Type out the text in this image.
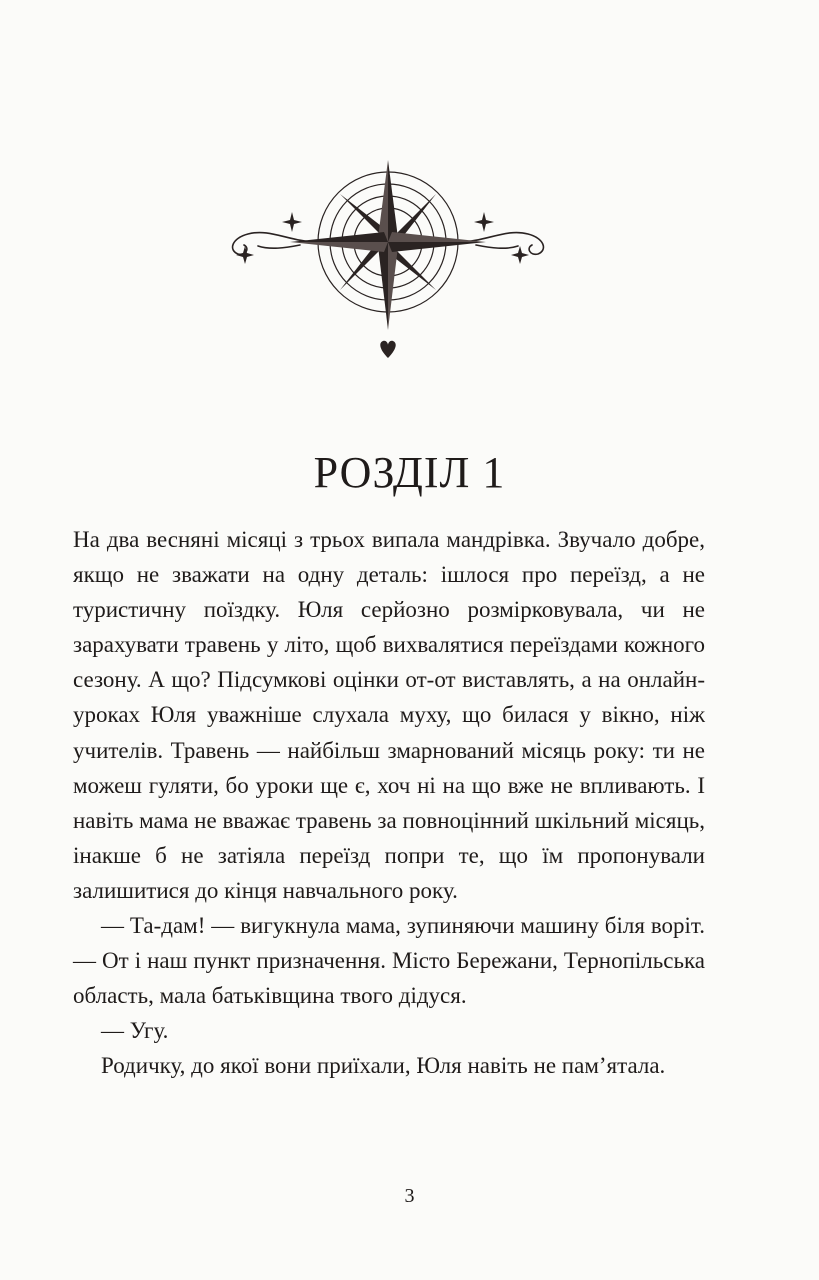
РОЗДІЛ 1

На два весняні місяці з трьох випала мандрівка. Звучало добре, якщо не зважати на одну деталь: ішлося про переїзд, а не туристичну поїздку. Юля серйозно розмірковувала, чи не зарахувати травень у літо, щоб вихвалятися переїздами кожного сезону. А що? Підсумкові оцінки от-от виставлять, а на онлайн-уроках Юля уважніше слухала муху, що билася у вікно, ніж учителів. Травень — найбільш змарнований місяць року: ти не можеш гуляти, бо уроки ще є, хоч ні на що вже не впливають. І навіть мама не вважає травень за повноцінний шкільний місяць, інакше б не затіяла переїзд попри те, що їм пропонували залишитися до кінця навчального року.

— Та-дам! — вигукнула мама, зупиняючи машину біля воріт. — От і наш пункт призначення. Місто Бережани, Тернопільська область, мала батьківщина твого дідуся.

— Угу.

Родичку, до якої вони приїхали, Юля навіть не пам’ятала.

3
